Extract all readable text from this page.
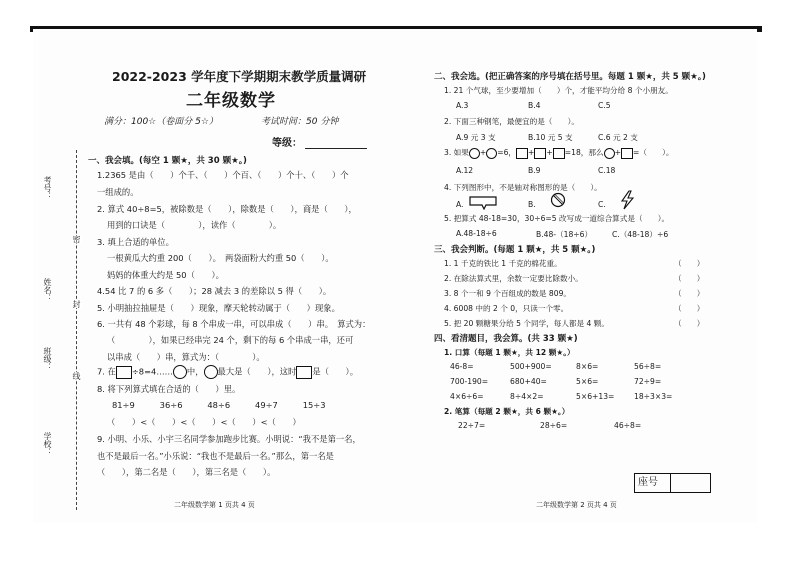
考号：
姓名：
班级：
学校：
密
封
线
2022-2023 学年度下学期期末教学质量调研
二年级数学
满分：100☆（卷面分 5☆）	考试时间：50 分钟
等级：
一、我会填。(每空 1 颗★，共 30 颗★。)
1.2365 是由（　　）个千、（　　）个百、（　　）个十、（　　）个
一组成的。
2. 算式 40÷8=5，被除数是（　　），除数是（　　），商是（　　），
用到的口诀是（　　　　），读作（　　　　）。
3. 填上合适的单位。
一根黄瓜大约重 200（　　）。　两袋面粉大约重 50（　　）。
妈妈的体重大约是 50（　　）。
4.54 比 7 的 6 多（　　）；28 减去 3 的差除以 5 得（　　）。
5. 小明抽拉抽屉是（　　）现象，摩天轮转动属于（　　）现象。
6. 一共有 48 个彩球，每 8 个串成一串，可以串成（　　）串。　算式为：
（　　　　），如果已经串完 24 个，剩下的每 6 个串成一串，还可
以串成（　　）串，算式为：（　　　　）。
7. 在 ÷8=4…… 中， 最大是（　　），这时 是（　　）。
8. 将下列算式填在合适的（　　）里。
81÷9　　　36÷6　　　48÷6　　　49÷7　　　15÷3
（　　）<（　　）<（　　）<（　　）<（　　）
9. 小明、小乐、小宇三名同学参加跑步比赛。小明说：“我不是第一名，
也不是最后一名。”小乐说：“我也不是最后一名。”那么，第一名是
（　　），第二名是（　　），第三名是（　　）。
二年级数学第 1 页共 4 页
二、我会选。(把正确答案的序号填在括号里。每题 1 颗★，共 5 颗★。)
1. 21 个气球，至少要增加（　　）个，才能平均分给 8 个小朋友。
A.3	B.4	C.5
2. 下面三种钢笔，最便宜的是（　　）。
A.9 元 3 支	B.10 元 5 支	C.6 元 2 支
3. 如果 + =6， + + =18，那么 + =（　　）。
A.12	B.9	C.18
4. 下列图形中，不是轴对称图形的是（　　）。
A.	B.	C.
5. 把算式 48-18=30，30÷6=5 改写成一道综合算式是（　　）。
A.48-18÷6	B.48-（18÷6）	C.（48-18）÷6
三、我会判断。(每题 1 颗★，共 5 颗★。)
1. 1 千克的铁比 1 千克的棉花重。
2. 在除法算式里，余数一定要比除数小。
3. 8 个一和 9 个百组成的数是 809。
4. 6008 中的 2 个 0，只读一个零。
5. 把 20 颗糖果分给 5 个同学，每人都是 4 颗。
（　　）
（　　）
（　　）
（　　）
（　　）
四、看清题目，我会算。(共 33 颗★)
1. 口算（每题 1 颗★，共 12 颗★。）
46-8=	500+900=	8×6=	56÷8=
700-190=	680+40=	5×6=	72÷9=
4×6÷6=	8÷4×2=	5×6+13=	18÷3×3=
2. 笔算（每题 2 颗★，共 6 颗★。）
22÷7=	28÷6=	46÷8=
座号
二年级数学第 2 页共 4 页
